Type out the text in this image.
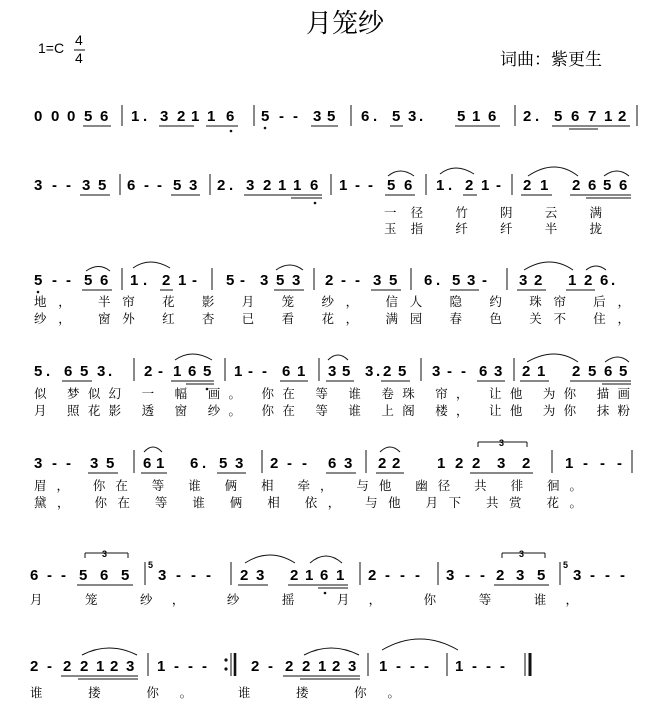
月笼纱
1=C 4
4	词曲：紫更生
0 0 0 5 6 1 . 3 2 1 1 6 5 - - 3 5 6 . 5 3 . 5 1 6 2 . 5 6 7 1 2
3 - - 3 5 6 - - 5 3 2 . 3 2 1 1 6 1 - - 5 6 1 . 2 1 - 2 1 2 6 5 6
一径 竹 阴 云 满
玉指 纤 纤 半 拢
5 - - 5 6 1 . 2 1 - 5 - 3 5 3 2 - - 3 5 6 . 5 3 - 3 2 1 2 6 .
地， 半帘 花 影 月 笼 纱， 信人 隐 约 珠帘 后，
纱， 窗外 红 杏 已 看 花， 满园 春 色 关不 住，
5 . 6 5 3 . 2 - 1 6 5 1 - - 6 1 3 5 3 . 2 5 3 - - 6 3 2 1 2 5 6 5
似 梦似幻 一 幅 画。 你在 等 谁 卷珠 帘， 让他 为你 描画
月 照花影 透 窗 纱。 你在 等 谁 上阁 楼， 让他 为你 抹粉
3 - - 3 5 6 1 6 . 5 3 2 - - 6 3 2 2 1 2 2 3 2
3
1 - - -
眉， 你在 等 谁 俩 相 牵， 与他 幽径 共 徘 徊。
黛， 你在 等 谁 俩 相 依， 与他 月下 共赏 花。
6 - - 5 6 5
3
5
3 - - - 2 3 2 1 6 1 2 - - - 3 - - 2 3 5
3
5
3 - - -
月 笼 纱， 纱 摇 月， 你 等 谁，
2 - 2 2 1 2 3 1 - - -	2 - 2 2 1 2 3 1 - - - 1 - - -
谁 搂 你。 谁 搂 你。
